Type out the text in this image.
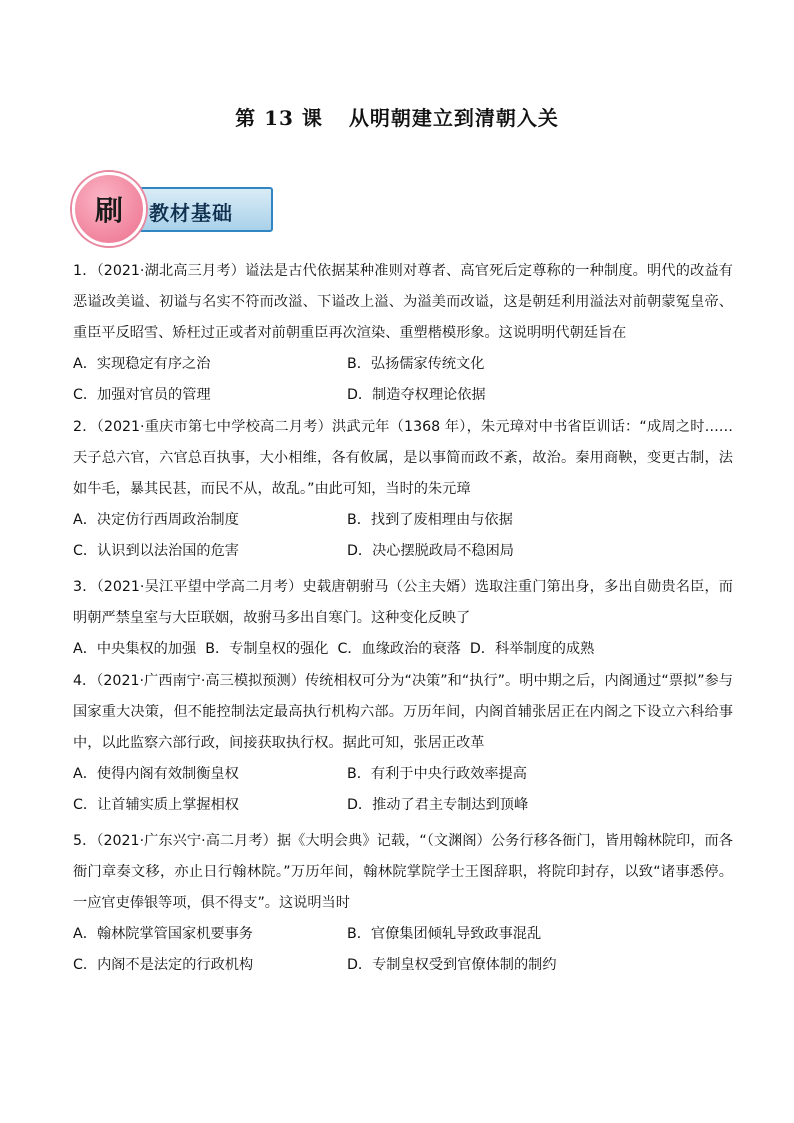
第 13 课 从明朝建立到清朝入关
教材基础
刷

1．（2021·湖北高三月考）谥法是古代依据某种准则对尊者、高官死后定尊称的一种制度。明代的改益有恶谥改美谥、初谥与名实不符而改溢、下谥改上溢、为溢美而改谥，这是朝廷利用溢法对前朝蒙冤皇帝、重臣平反昭雪、矫枉过正或者对前朝重臣再次渲染、重塑楷模形象。这说明明代朝廷旨在

A．实现稳定有序之治	B．弘扬儒家传统文化
C．加强对官员的管理	D．制造夺权理论依据

2．（2021·重庆市第七中学校高二月考）洪武元年（1368 年），朱元璋对中书省臣训话：“成周之时……天子总六官，六官总百执事，大小相维，各有攸属，是以事简而政不紊，故治。秦用商鞅，变更古制，法如牛毛，暴其民甚，而民不从，故乱。”由此可知，当时的朱元璋

A．决定仿行西周政治制度	B．找到了废相理由与依据
C．认识到以法治国的危害	D．决心摆脱政局不稳困局

3．（2021·吴江平望中学高二月考）史载唐朝驸马（公主夫婿）选取注重门第出身，多出自勋贵名臣，而明朝严禁皇室与大臣联姻，故驸马多出自寒门。这种变化反映了

A．中央集权的加强 B．专制皇权的强化 C．血缘政治的衰落 D．科举制度的成熟

4．（2021·广西南宁·高三模拟预测）传统相权可分为“决策”和“执行”。明中期之后，内阁通过“票拟”参与国家重大决策，但不能控制法定最高执行机构六部。万历年间，内阁首辅张居正在内阁之下设立六科给事中，以此监察六部行政，间接获取执行权。据此可知，张居正改革

A．使得内阁有效制衡皇权	B．有利于中央行政效率提高
C．让首辅实质上掌握相权	D．推动了君主专制达到顶峰

5．（2021·广东兴宁·高二月考）据《大明会典》记载，“（文渊阁）公务行移各衙门，皆用翰林院印，而各衙门章奏文移，亦止日行翰林院。”万历年间，翰林院掌院学士王图辞职，将院印封存，以致“诸事悉停。一应官吏俸银等项，俱不得支”。这说明当时

A．翰林院掌管国家机要事务	B．官僚集团倾轧导致政事混乱
C．内阁不是法定的行政机构	D．专制皇权受到官僚体制的制约
